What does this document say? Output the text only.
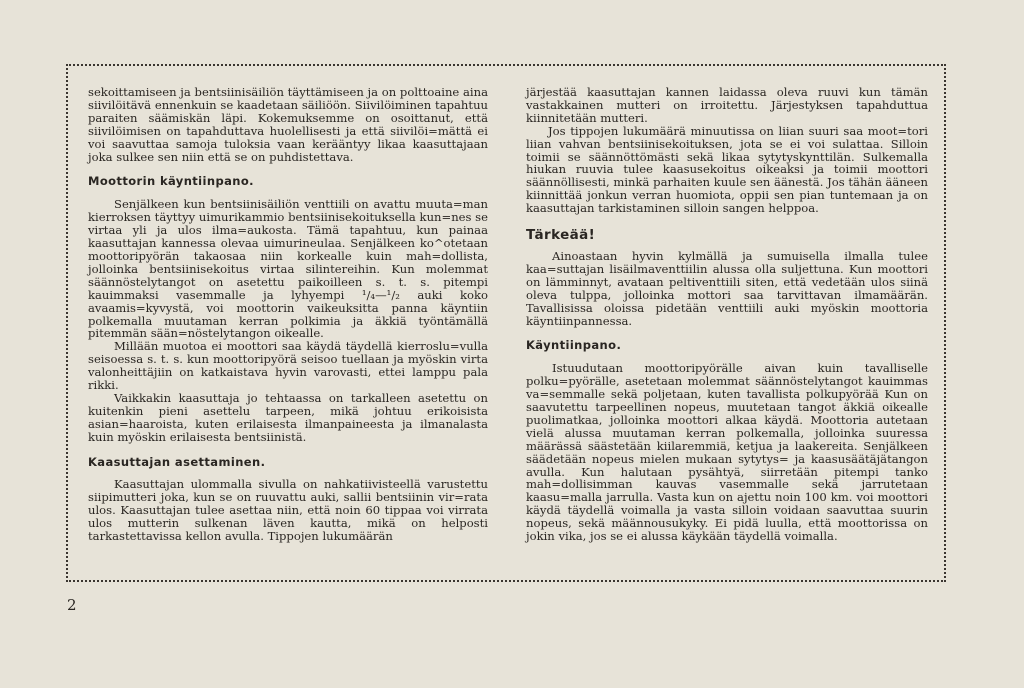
sekoittamiseen ja bentsiinisäiliön täyttämiseen ja on polttoaine aina siivilöitävä ennenkuin se kaadetaan säiliöön. Siivilöiminen tapahtuu paraiten säämiskän läpi. Kokemuksemme on osoittanut, että siivilöimisen on tapahduttava huolellisesti ja että siivilöi=mättä ei voi saavuttaa samoja tuloksia vaan kerääntyy likaa kaasuttajaan joka sulkee sen niin että se on puhdistettava.

Moottorin käyntiinpano.

Senjälkeen kun bentsiinisäiliön venttiili on avattu muuta=man kierroksen täyttyy uimurikammio bentsiinisekoituksella kun=nes se virtaa yli ja ulos ilma=aukosta. Tämä tapahtuu, kun painaa kaasuttajan kannessa olevaa uimurineulaa. Senjälkeen ko^otetaan moottoripyörän takaosaa niin korkealle kuin mah=dollista, jolloinka bentsiinisekoitus virtaa silintereihin. Kun molemmat säännöstelytangot on asetettu paikoilleen s. t. s. pitempi kauimmaksi vasemmalle ja lyhyempi ¹/₄—¹/₂ auki koko avaamis=kyvystä, voi moottorin vaikeuksitta panna käyntiin polkemalla muutaman kerran polkimia ja äkkiä työntämällä pitemmän sään=nöstelytangon oikealle.

Millään muotoa ei moottori saa käydä täydellä kierroslu=vulla seisoessa s. t. s. kun moottoripyörä seisoo tuellaan ja myöskin virta valonheittäjiin on katkaistava hyvin varovasti, ettei lamppu pala rikki.

Vaikkakin kaasuttaja jo tehtaassa on tarkalleen asetettu on kuitenkin pieni asettelu tarpeen, mikä johtuu erikoisista asian=haaroista, kuten erilaisesta ilmanpaineesta ja ilmanalasta kuin myöskin erilaisesta bentsiinistä.

Kaasuttajan asettaminen.

Kaasuttajan ulommalla sivulla on nahkatiivisteellä varustettu siipimutteri joka, kun se on ruuvattu auki, sallii bentsiinin vir=rata ulos. Kaasuttajan tulee asettaa niin, että noin 60 tippaa voi virrata ulos mutterin sulkenan läven kautta, mikä on helposti tarkastettavissa kellon avulla. Tippojen lukumäärän

järjestää kaasuttajan kannen laidassa oleva ruuvi kun tämän vastakkainen mutteri on irroitettu. Järjestyksen tapahduttua kiinnitetään mutteri.

Jos tippojen lukumäärä minuutissa on liian suuri saa moot=tori liian vahvan bentsiinisekoituksen, jota se ei voi sulattaa. Silloin toimii se säännöttömästi sekä likaa sytytyskynttilän. Sulkemalla hiukan ruuvia tulee kaasusekoitus oikeaksi ja toimii moottori säännöllisesti, minkä parhaiten kuule sen äänestä. Jos tähän ääneen kiinnittää jonkun verran huomiota, oppii sen pian tuntemaan ja on kaasuttajan tarkistaminen silloin sangen helppoa.

Tärkeää!

Ainoastaan hyvin kylmällä ja sumuisella ilmalla tulee kaa=suttajan lisäilmaventtiilin alussa olla suljettuna. Kun moottori on lämminnyt, avataan peltiventtiili siten, että vedetään ulos siinä oleva tulppa, jolloinka mottori saa tarvittavan ilmamäärän. Tavallisissa oloissa pidetään venttiili auki myöskin moottoria käyntiinpannessa.

Käyntiinpano.

Istuudutaan moottoripyörälle aivan kuin tavalliselle polku=pyörälle, asetetaan molemmat säännöstelytangot kauimmas va=semmalle sekä poljetaan, kuten tavallista polkupyörää Kun on saavutettu tarpeellinen nopeus, muutetaan tangot äkkiä oikealle puolimatkaa, jolloinka moottori alkaa käydä. Moottoria autetaan vielä alussa muutaman kerran polkemalla, jolloinka suuressa määrässä säästetään kiilaremmiä, ketjua ja laakereita. Senjälkeen säädetään nopeus mielen mukaan sytytys= ja kaasusäätäjätangon avulla. Kun halutaan pysähtyä, siirretään pitempi tanko mah=dollisimman kauvas vasemmalle sekä jarrutetaan kaasu=malla jarrulla. Vasta kun on ajettu noin 100 km. voi moottori käydä täydellä voimalla ja vasta silloin voidaan saavuttaa suurin nopeus, sekä mäännousukyky. Ei pidä luulla, että moottorissa on jokin vika, jos se ei alussa käykään täydellä voimalla.

2
